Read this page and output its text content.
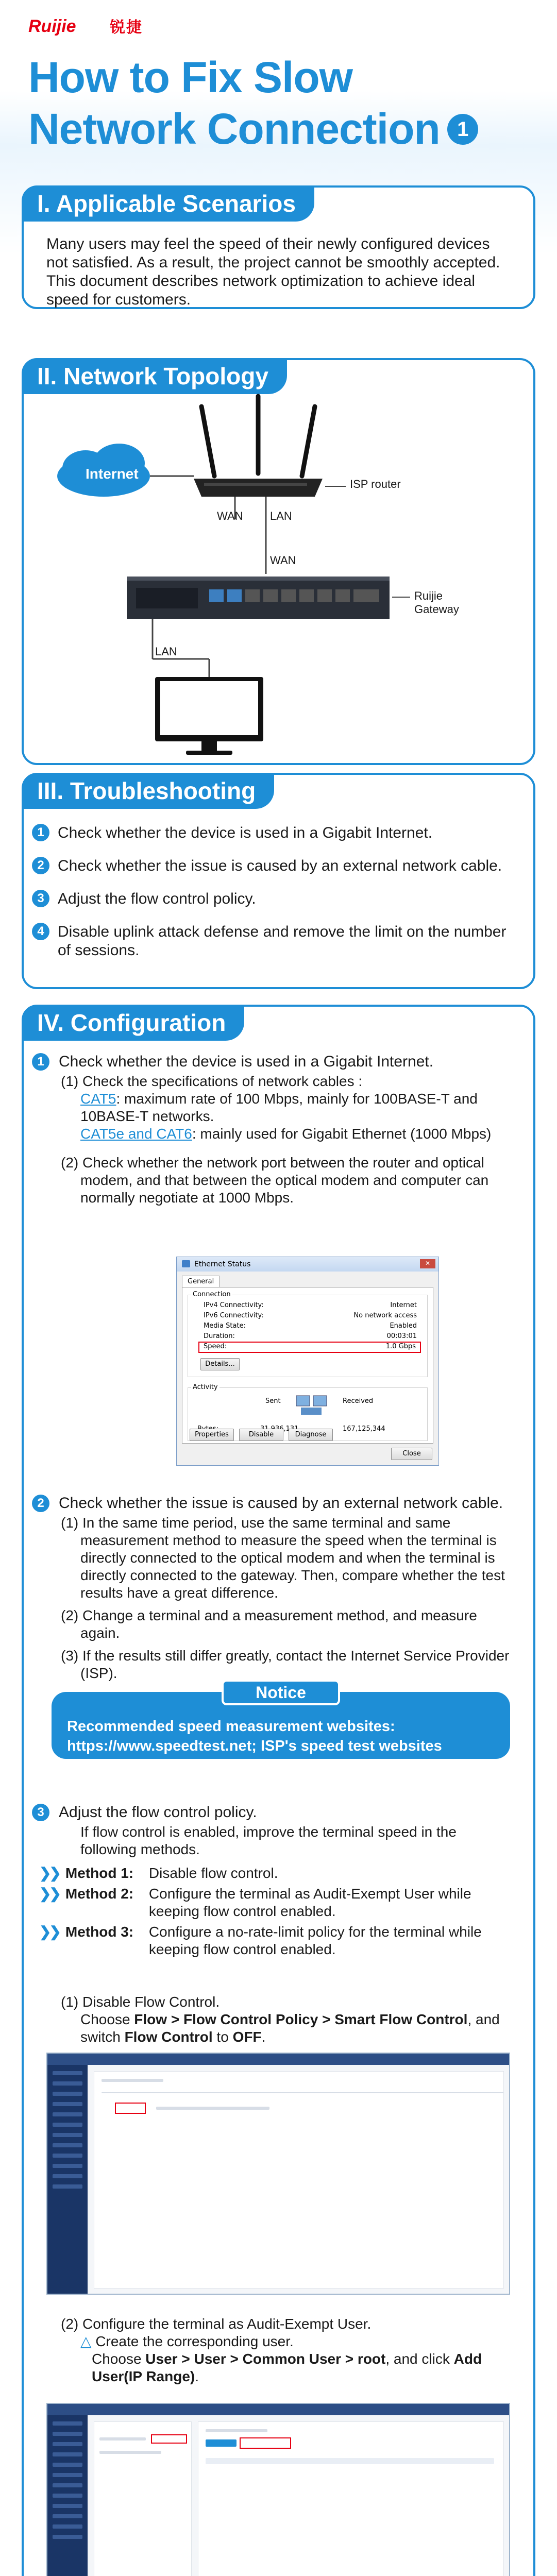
Ruijie 锐捷
How to Fix Slow
Network Connection 1
I. Applicable Scenarios
Many users may feel the speed of their newly configured devices not satisfied. As a result, the project cannot be smoothly accepted. This document describes network optimization to achieve ideal speed for customers.
II. Network Topology
Internet
ISP router
WAN LAN
WAN
Ruijie Gateway
LAN
III. Troubleshooting
1 Check whether the device is used in a Gigabit Internet.
2 Check whether the issue is caused by an external network cable.
3 Adjust the flow control policy.
4 Disable uplink attack defense and remove the limit on the number of sessions.
IV. Configuration
1 Check whether the device is used in a Gigabit Internet.
(1) Check the specifications of network cables :
CAT5: maximum rate of 100 Mbps, mainly for 100BASE-T and 10BASE-T networks.
CAT5e and CAT6: mainly used for Gigabit Ethernet (1000 Mbps)
(2) Check whether the network port between the router and optical modem, and that between the optical modem and computer can normally negotiate at 1000 Mbps.
Ethernet Status	✕
General
Connection
IPv4 Connectivity:	Internet
IPv6 Connectivity:	No network access
Media State:	Enabled
Duration:	00:03:01
Speed:	1.0 Gbps
Details...
Activity
Sent	Received
167,125,344
Properties	Disable	Diagnose
Close
2 Check whether the issue is caused by an external network cable.
(1) In the same time period, use the same terminal and same measurement method to measure the speed when the terminal is directly connected to the optical modem and when the terminal is directly connected to the gateway. Then, compare whether the test results have a great difference.
(2) Change a terminal and a measurement method, and measure again.
(3) If the results still differ greatly, contact the Internet Service Provider (ISP).
Notice
Recommended speed measurement websites: https://www.speedtest.net; ISP's speed test websites
3 Adjust the flow control policy.
If flow control is enabled, improve the terminal speed in the following methods.
❯❯ Method 1:	Disable flow control.
❯❯ Method 2:	Configure the terminal as Audit-Exempt User while keeping flow control enabled.
❯❯ Method 3:	Configure a no-rate-limit policy for the terminal while keeping flow control enabled.
(1) Disable Flow Control.
Choose Flow > Flow Control Policy > Smart Flow Control, and switch Flow Control to OFF.
(2) Configure the terminal as Audit-Exempt User.
△ Create the corresponding user.
Choose User > User > Common User > root, and click Add User(IP Range).
